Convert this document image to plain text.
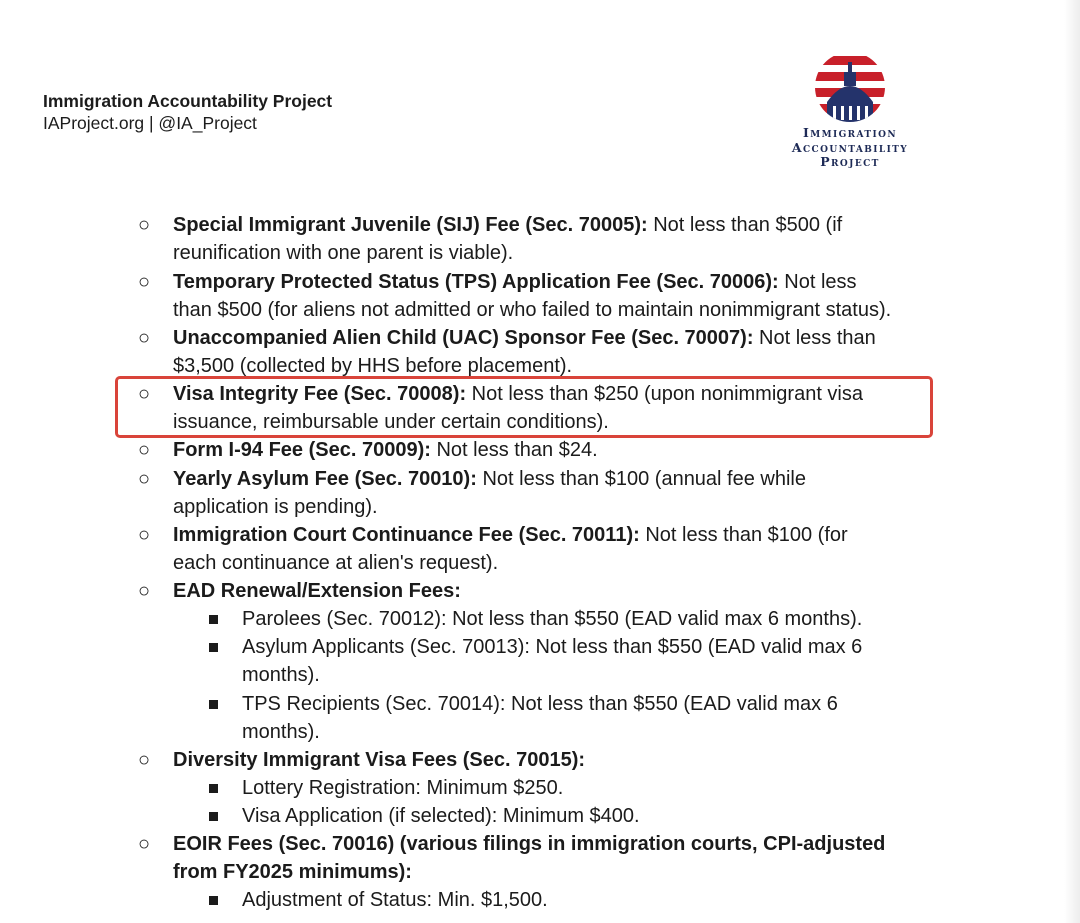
Immigration Accountability Project
IAProject.org | @IA_Project	Immigration
Accountability
Project
○ Special Immigrant Juvenile (SIJ) Fee (Sec. 70005): Not less than $500 (if
reunification with one parent is viable).
○ Temporary Protected Status (TPS) Application Fee (Sec. 70006): Not less
than $500 (for aliens not admitted or who failed to maintain nonimmigrant status).
○ Unaccompanied Alien Child (UAC) Sponsor Fee (Sec. 70007): Not less than
$3,500 (collected by HHS before placement).
○ Visa Integrity Fee (Sec. 70008): Not less than $250 (upon nonimmigrant visa
issuance, reimbursable under certain conditions).
○ Form I-94 Fee (Sec. 70009): Not less than $24.
○ Yearly Asylum Fee (Sec. 70010): Not less than $100 (annual fee while
application is pending).
○ Immigration Court Continuance Fee (Sec. 70011): Not less than $100 (for
each continuance at alien's request).
○ EAD Renewal/Extension Fees:
Parolees (Sec. 70012): Not less than $550 (EAD valid max 6 months).
Asylum Applicants (Sec. 70013): Not less than $550 (EAD valid max 6
months).
TPS Recipients (Sec. 70014): Not less than $550 (EAD valid max 6
months).
○ Diversity Immigrant Visa Fees (Sec. 70015):
Lottery Registration: Minimum $250.
Visa Application (if selected): Minimum $400.
○ EOIR Fees (Sec. 70016) (various filings in immigration courts, CPI-adjusted
from FY2025 minimums):
Adjustment of Status: Min. $1,500.
